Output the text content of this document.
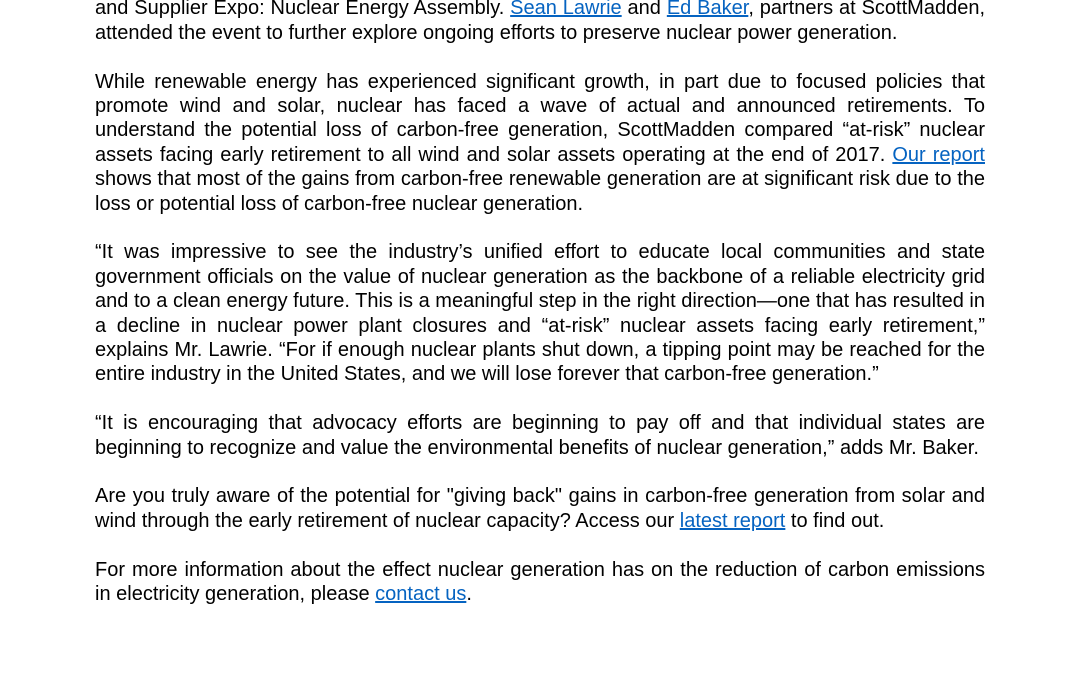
and Supplier Expo: Nuclear Energy Assembly. Sean Lawrie and Ed Baker, partners at ScottMadden, attended the event to further explore ongoing efforts to preserve nuclear power generation.

While renewable energy has experienced significant growth, in part due to focused policies that promote wind and solar, nuclear has faced a wave of actual and announced retirements. To understand the potential loss of carbon-free generation, ScottMadden compared “at-risk” nuclear assets facing early retirement to all wind and solar assets operating at the end of 2017. Our report shows that most of the gains from carbon-free renewable generation are at significant risk due to the loss or potential loss of carbon-free nuclear generation.

“It was impressive to see the industry’s unified effort to educate local communities and state government officials on the value of nuclear generation as the backbone of a reliable electricity grid and to a clean energy future. This is a meaningful step in the right direction—one that has resulted in a decline in nuclear power plant closures and “at-risk” nuclear assets facing early retirement,” explains Mr. Lawrie. “For if enough nuclear plants shut down, a tipping point may be reached for the entire industry in the United States, and we will lose forever that carbon-free generation.”

“It is encouraging that advocacy efforts are beginning to pay off and that individual states are beginning to recognize and value the environmental benefits of nuclear generation,” adds Mr. Baker.

Are you truly aware of the potential for "giving back" gains in carbon-free generation from solar and wind through the early retirement of nuclear capacity? Access our latest report to find out.

For more information about the effect nuclear generation has on the reduction of carbon emissions in electricity generation, please contact us.
